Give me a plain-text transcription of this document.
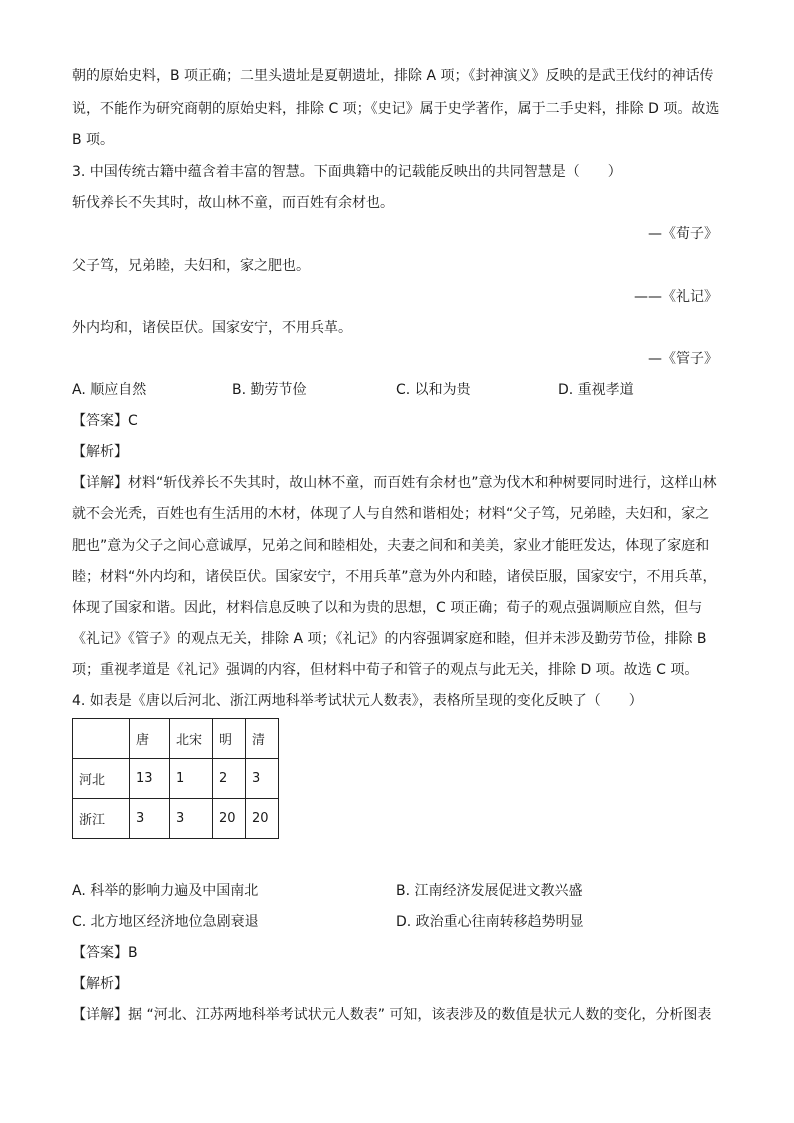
朝的原始史料，B 项正确；二里头遗址是夏朝遗址，排除 A 项；《封神演义》反映的是武王伐纣的神话传
说，不能作为研究商朝的原始史料，排除 C 项；《史记》属于史学著作，属于二手史料，排除 D 项。故选
B 项。
3. 中国传统古籍中蕴含着丰富的智慧。下面典籍中的记载能反映出的共同智慧是（　　）
斩伐养长不失其时，故山林不童，而百姓有余材也。
—《荀子》
父子笃，兄弟睦，夫妇和，家之肥也。
——《礼记》
外内均和，诸侯臣伏。国家安宁，不用兵革。
—《管子》
A. 顺应自然	B. 勤劳节俭	C. 以和为贵	D. 重视孝道
【答案】C
【解析】
【详解】材料“斩伐养长不失其时，故山林不童，而百姓有余材也”意为伐木和种树要同时进行，这样山林
就不会光秃，百姓也有生活用的木材，体现了人与自然和谐相处；材料“父子笃，兄弟睦，夫妇和，家之
肥也”意为父子之间心意诚厚，兄弟之间和睦相处，夫妻之间和和美美，家业才能旺发达，体现了家庭和
睦；材料“外内均和，诸侯臣伏。国家安宁，不用兵革”意为外内和睦，诸侯臣服，国家安宁，不用兵革，
体现了国家和谐。因此，材料信息反映了以和为贵的思想，C 项正确；荀子的观点强调顺应自然，但与
《礼记》《管子》的观点无关，排除 A 项；《礼记》的内容强调家庭和睦，但并未涉及勤劳节俭，排除 B
项；重视孝道是《礼记》强调的内容，但材料中荀子和管子的观点与此无关，排除 D 项。故选 C 项。
4. 如表是《唐以后河北、浙江两地科举考试状元人数表》，表格所呈现的变化反映了（　　）
	唐	北宋	明	清
河北	13	1	2	3
浙江	3	3	20	20
A. 科举的影响力遍及中国南北	B. 江南经济发展促进文教兴盛
C. 北方地区经济地位急剧衰退	D. 政治重心往南转移趋势明显
【答案】B
【解析】
【详解】据 “河北、江苏两地科举考试状元人数表” 可知，该表涉及的数值是状元人数的变化，分析图表
